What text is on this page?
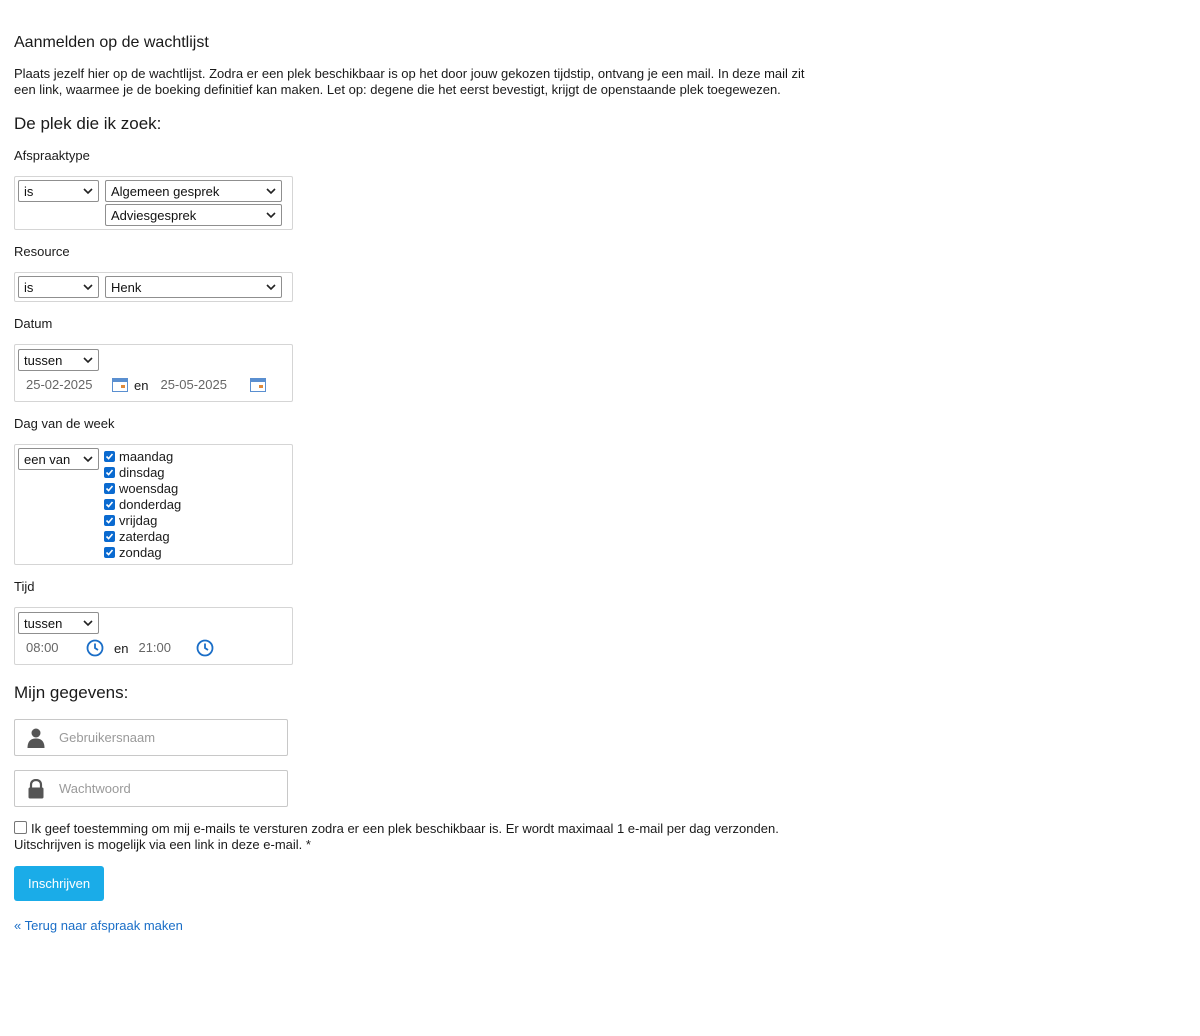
Aanmelden op de wachtlijst

Plaats jezelf hier op de wachtlijst. Zodra er een plek beschikbaar is op het door jouw gekozen tijdstip, ontvang je een mail. In deze mail zit een link, waarmee je de boeking definitief kan maken. Let op: degene die het eerst bevestigt, krijgt de openstaande plek toegewezen.

De plek die ik zoek:
Afspraaktype
is	Algemeen gesprek
Adviesgesprek
Resource
is	Henk
Datum
tussen
25-02-2025	en 25-05-2025
Dag van de week
een van	maandag
dinsdag
woensdag
donderdag
vrijdag
zaterdag
zondag
Tijd
tussen
08:00	en 21:00
Mijn gegevens:
Gebruikersnaam
Ik geef toestemming om mij e-mails te versturen zodra er een plek beschikbaar is. Er wordt maximaal 1 e-mail per dag verzonden. Uitschrijven is mogelijk via een link in deze e-mail. *
Inschrijven
« Terug naar afspraak maken
